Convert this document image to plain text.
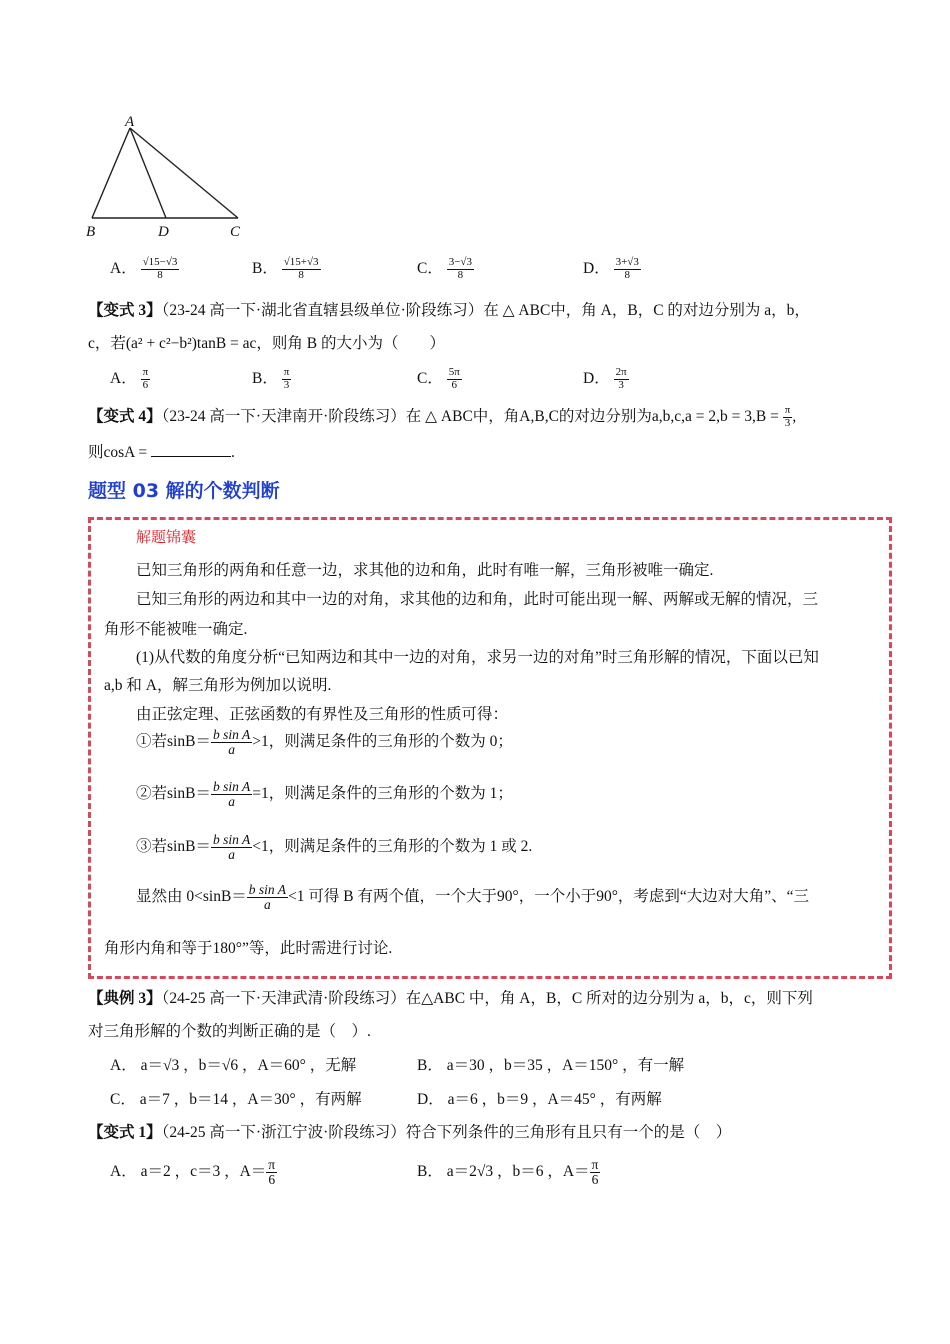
A
B	D	C
A． $\frac{√15-√3}{8}$	B． $\frac{√15+√3}{8}$	C． $\frac{3-√3}{8}$	D． $\frac{3+√3}{8}$
【变式 3】（23-24 高一下·湖北省直辖县级单位·阶段练习）在 △ ABC中，角 A，B，C 的对边分别为 a，b，
c，若(a² + c²−b²)tanB = ac，则角 B 的大小为（　　）
A． $\frac{\pi}{6}$	B． $\frac{\pi}{3}$	C． $\frac{5\pi}{6}$	D． $\frac{2\pi}{3}$
【变式 4】（23-24 高一下·天津南开·阶段练习）在 △ ABC中，角A,B,C的对边分别为$a,b,c,a = 2,b = 3,B = \frac{\pi}{3}$ ,
则cosA =	.
题型 03 解的个数判断
解题锦囊
已知三角形的两角和任意一边，求其他的边和角，此时有唯一解，三角形被唯一确定.
已知三角形的两边和其中一边的对角，求其他的边和角，此时可能出现一解、两解或无解的情况，三
角形不能被唯一确定.
(1)从代数的角度分析“已知两边和其中一边的对角，求另一边的对角”时三角形解的情况，下面以已知
a,b 和 A，解三角形为例加以说明.
由正弦定理、正弦函数的有界性及三角形的性质可得：
①若$\sin B= \frac{\text{b sin A}}{a} >1$，则满足条件的三角形的个数为 0；
②若$\sin B= \frac{\text{b sin A}}{a} =1$，则满足条件的三角形的个数为 1；
③若$\sin B= \frac{\text{b sin A}}{a} <1$，则满足条件的三角形的个数为 1 或 2.
显然由 $0<\sin B= \frac{\text{b sin A}}{a} <1$ 可得 B 有两个值，一个大于90°，一个小于90°，考虑到“大边对大角”、“三
角形内角和等于180°”等，此时需进行讨论.
【典例 3】（24-25 高一下·天津武清·阶段练习）在△ABC 中，角 A，B，C 所对的边分别为 a，b，c，则下列
对三角形解的个数的判断正确的是（　）.
A． a＝√3 ，b＝√6 ，A＝60° ，无解	B． a＝30 ，b＝35 ，A＝150° ，有一解
C． a＝7 ，b＝14 ，A＝30° ，有两解	D． a＝6 ，b＝9 ，A＝45° ，有两解
【变式 1】（24-25 高一下·浙江宁波·阶段练习）符合下列条件的三角形有且只有一个的是（　）
A． a＝2 ，c＝3 ，$A= \frac{\pi}{6}$	B． a＝2√3 ，b＝6 ，$A= \frac{\pi}{6}$
